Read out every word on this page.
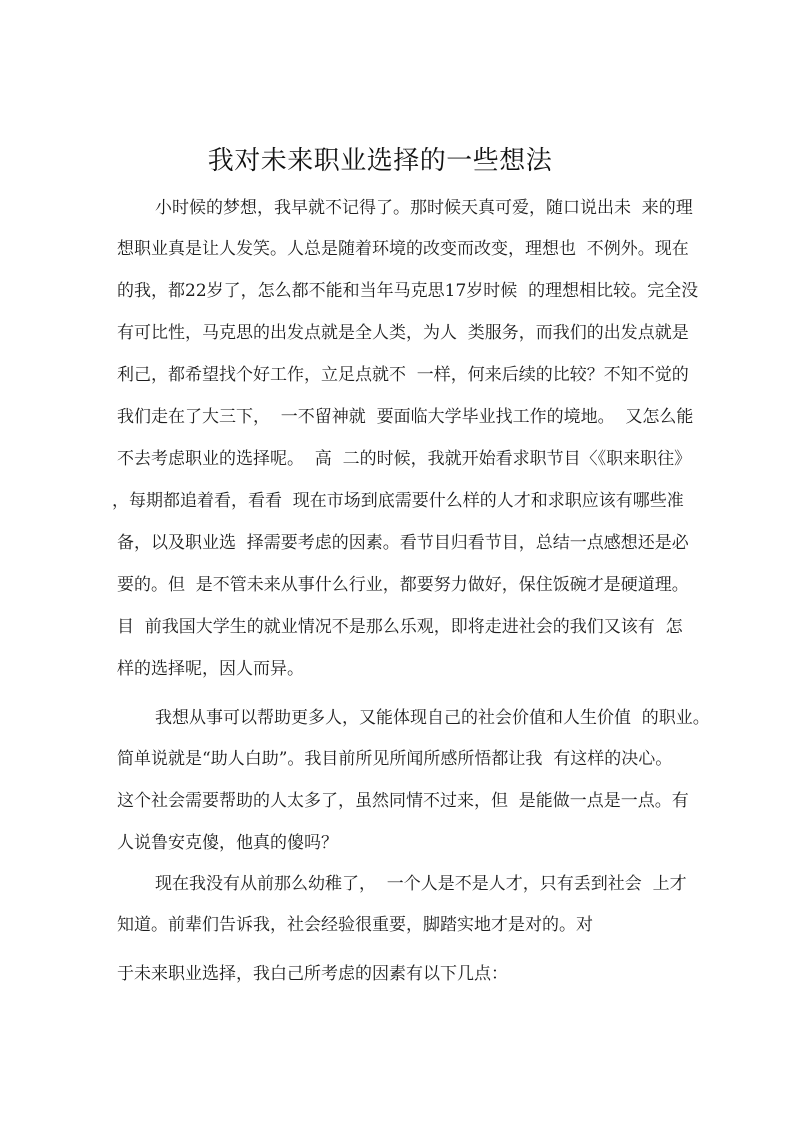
我对未来职业选择的一些想法
小时候的梦想，我早就不记得了。那时候天真可爱，随口说出未  来的理
想职业真是让人发笑。人总是随着环境的改变而改变，理想也  不例外。现在
的我，都22岁了，怎么都不能和当年马克思17岁时候  的理想相比较。完全没
有可比性，马克思的出发点就是全人类，为人  类服务，而我们的出发点就是
利己，都希望找个好工作，立足点就不  一样，何来后续的比较？不知不觉的
我们走在了大三下，  一不留神就  要面临大学毕业找工作的境地。  又怎么能
不去考虑职业的选择呢。  高  二的时候，我就开始看求职节目〈《职来职往》
，每期都追着看，看看  现在市场到底需要什么样的人才和求职应该有哪些准
备，以及职业选  择需要考虑的因素。看节目归看节目，总结一点感想还是必
要的。但  是不管未来从事什么行业，都要努力做好，保住饭碗才是硬道理。
目  前我国大学生的就业情况不是那么乐观，即将走进社会的我们又该有  怎
样的选择呢，因人而异。
我想从事可以帮助更多人，又能体现自己的社会价值和人生价值  的职业。
简单说就是“助人白助”。我目前所见所闻所感所悟都让我  有这样的决心。
这个社会需要帮助的人太多了，虽然同情不过来，但  是能做一点是一点。有
人说鲁安克傻，他真的傻吗？
现在我没有从前那么幼稚了，  一个人是不是人才，只有丢到社会  上才
知道。前辈们告诉我，社会经验很重要，脚踏实地才是对的。对
于未来职业选择，我白己所考虑的因素有以下几点：
